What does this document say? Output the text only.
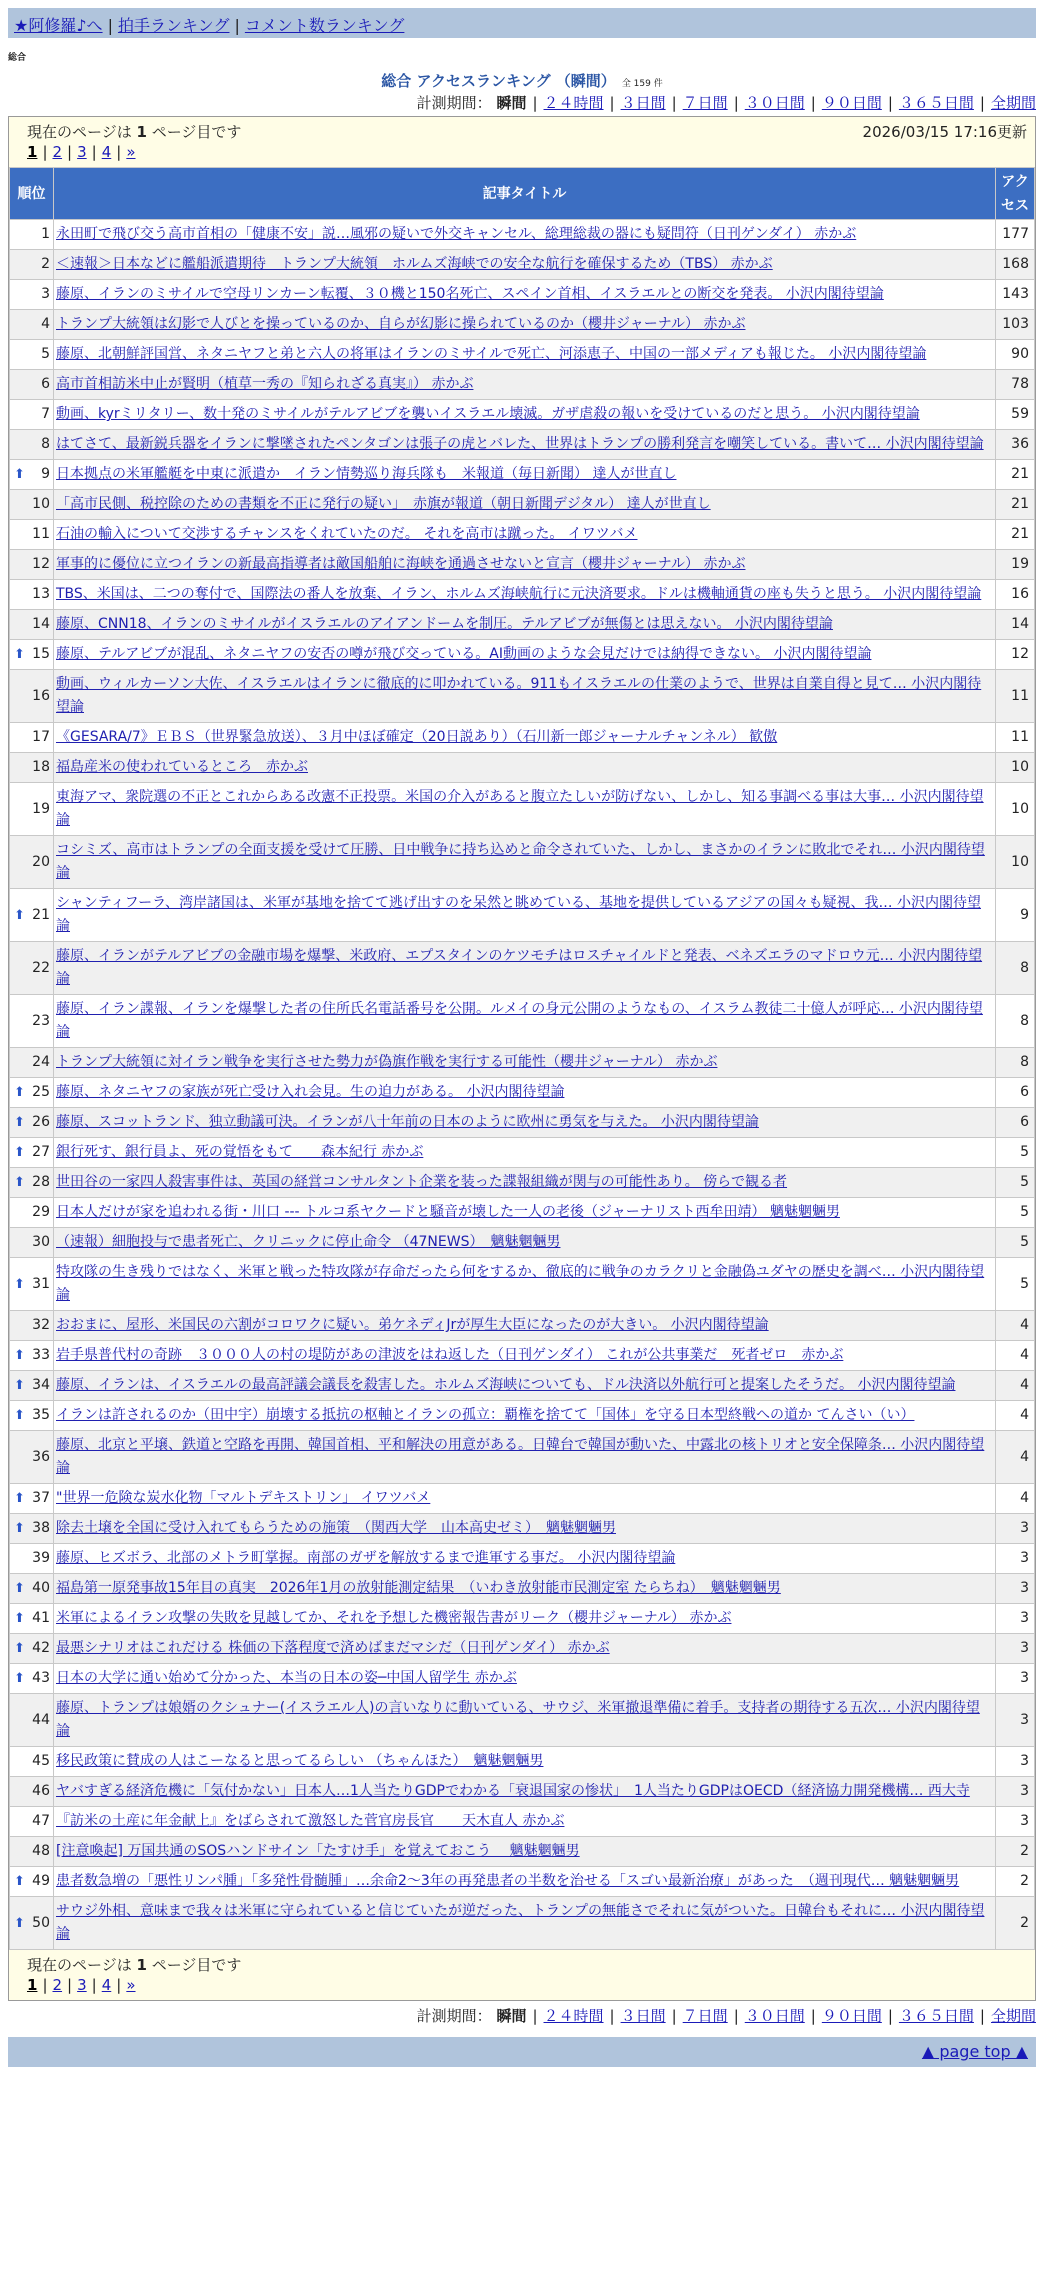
★阿修羅♪へ | 拍手ランキング | コメント数ランキング
総合
総合 アクセスランキング （瞬間） 全 159 件
計測期間： 瞬間 | ２４時間 | ３日間 | ７日間 | ３０日間 | ９０日間 | ３６５日間 | 全期間
現在のページは 1 ページ目です	2026/03/15 17:16更新
1 | 2 | 3 | 4 | »
順位	記事タイトル	アクセス
1	永田町で飛び交う高市首相の「健康不安」説…風邪の疑いで外交キャンセル、総理総裁の器にも疑問符（日刊ゲンダイ） 赤かぶ	177
2	＜速報＞日本などに艦船派遣期待　トランプ大統領　ホルムズ海峡での安全な航行を確保するため（TBS） 赤かぶ	168
3	藤原、イランのミサイルで空母リンカーン転覆、３０機と150名死亡、スペイン首相、イスラエルとの断交を発表。 小沢内閣待望論	143
4	トランプ大統領は幻影で人びとを操っているのか、自らが幻影に操られているのか（櫻井ジャーナル） 赤かぶ	103
5	藤原、北朝鮮評国営、ネタニヤフと弟と六人の将軍はイランのミサイルで死亡、河添恵子、中国の一部メディアも報じた。 小沢内閣待望論	90
6	高市首相訪米中止が賢明（植草一秀の『知られざる真実』） 赤かぶ	78
7	動画、kyrミリタリー、数十発のミサイルがテルアビブを襲いイスラエル壊滅。ガザ虐殺の報いを受けているのだと思う。 小沢内閣待望論	59
8	はてさて、最新鋭兵器をイランに撃墜されたペンタゴンは張子の虎とバレた、世界はトランプの勝利発言を嘲笑している。書いて… 小沢内閣待望論	36

⬆ 9	日本拠点の米軍艦艇を中東に派遣か　イラン情勢巡り海兵隊も　米報道（毎日新聞） 達人が世直し	21
10	「高市民側、税控除のための書類を不正に発行の疑い」　赤旗が報道（朝日新聞デジタル） 達人が世直し	21
11	石油の輸入について交渉するチャンスをくれていたのだ。 それを高市は蹴った。 イワツバメ	21
12	軍事的に優位に立つイランの新最高指導者は敵国船舶に海峡を通過させないと宣言（櫻井ジャーナル） 赤かぶ	19
13	TBS、米国は、二つの奪付で、国際法の番人を放棄、イラン、ホルムズ海峡航行に元決済要求。ドルは機軸通貨の座も失うと思う。 小沢内閣待望論	16
14	藤原、CNN18、イランのミサイルがイスラエルのアイアンドームを制圧。テルアビブが無傷とは思えない。 小沢内閣待望論	14

⬆ 15	藤原、テルアビブが混乱、ネタニヤフの安否の噂が飛び交っている。AI動画のような会見だけでは納得できない。 小沢内閣待望論	12
16	動画、ウィルカーソン大佐、イスラエルはイランに徹底的に叩かれている。911もイスラエルの仕業のようで、世界は自業自得と見て… 小沢内閣待望論	11
17	《GESARA/7》ＥＢＳ（世界緊急放送）、３月中ほぼ確定（20日説あり）（石川新一郎ジャーナルチャンネル） 歓傲	11
18	福島産米の使われているところ　赤かぶ	10
19	東海アマ、衆院選の不正とこれからある改憲不正投票。米国の介入があると腹立たしいが防げない、しかし、知る事調べる事は大事… 小沢内閣待望論	10
20	コシミズ、高市はトランプの全面支援を受けて圧勝、日中戦争に持ち込めと命令されていた、しかし、まさかのイランに敗北でそれ… 小沢内閣待望論	10

⬆ 21	シャンティフーラ、湾岸諸国は、米軍が基地を捨てて逃げ出すのを呆然と眺めている、基地を提供しているアジアの国々も疑視、我… 小沢内閣待望論	9
22	藤原、イランがテルアビブの金融市場を爆撃、米政府、エプスタインのケツモチはロスチャイルドと発表、ベネズエラのマドロウ元… 小沢内閣待望論	8
23	藤原、イラン諜報、イランを爆撃した者の住所氏名電話番号を公開。ルメイの身元公開のようなもの、イスラム教徒二十億人が呼応… 小沢内閣待望論	8
24	トランプ大統領に対イラン戦争を実行させた勢力が偽旗作戦を実行する可能性（櫻井ジャーナル） 赤かぶ	8

⬆ 25	藤原、ネタニヤフの家族が死亡受け入れ会見。生の迫力がある。 小沢内閣待望論	6

⬆ 26	藤原、スコットランド、独立動議可決。イランが八十年前の日本のように欧州に勇気を与えた。 小沢内閣待望論	6

⬆ 27	銀行死す、銀行員よ、死の覚悟をもて　　森本紀行 赤かぶ	5

⬆ 28	世田谷の一家四人殺害事件は、英国の経営コンサルタント企業を装った諜報組織が関与の可能性あり。 傍らで観る者	5
29	日本人だけが家を追われる街・川口 --- トルコ系ヤクードと騒音が壊した一人の老後（ジャーナリスト西牟田靖） 魑魅魍魎男	5
30	（速報）細胞投与で患者死亡、クリニックに停止命令 （47NEWS）　魑魅魍魎男	5

⬆ 31	特攻隊の生き残りではなく、米軍と戦った特攻隊が存命だったら何をするか、徹底的に戦争のカラクリと金融偽ユダヤの歴史を調べ… 小沢内閣待望論	5
32	おおまに、屋形、米国民の六割がコロワクに疑い。弟ケネディJrが厚生大臣になったのが大きい。 小沢内閣待望論	4

⬆ 33	岩手県普代村の奇跡　３０００人の村の堤防があの津波をはね返した（日刊ゲンダイ） これが公共事業だ　死者ゼロ　赤かぶ	4

⬆ 34	藤原、イランは、イスラエルの最高評議会議長を殺害した。ホルムズ海峡についても、ドル決済以外航行可と提案したそうだ。 小沢内閣待望論	4

⬆ 35	イランは許されるのか（田中宇）崩壊する抵抗の枢軸とイランの孤立：覇権を捨てて「国体」を守る日本型終戦への道か てんさい（い）	4
36	藤原、北京と平壌、鉄道と空路を再開、韓国首相、平和解決の用意がある。日韓台で韓国が動いた、中露北の核トリオと安全保障条… 小沢内閣待望論	4

⬆ 37	"世界一危険な炭水化物「マルトデキストリン」 イワツバメ	4

⬆ 38	除去土壌を全国に受け入れてもらうための施策　（関西大学　山本高史ゼミ）　魑魅魍魎男	3
39	藤原、ヒズボラ、北部のメトラ町掌握。南部のガザを解放するまで進軍する事だ。 小沢内閣待望論	3

⬆ 40	福島第一原発事故15年目の真実　2026年1月の放射能測定結果　（いわき放射能市民測定室 たらちね）　魑魅魍魎男	3

⬆ 41	米軍によるイラン攻撃の失敗を見越してか、それを予想した機密報告書がリーク（櫻井ジャーナル） 赤かぶ	3

⬆ 42	最悪シナリオはこれだける 株価の下落程度で済めばまだマシだ（日刊ゲンダイ） 赤かぶ	3

⬆ 43	日本の大学に通い始めて分かった、本当の日本の姿─中国人留学生 赤かぶ	3
44	藤原、トランプは娘婿のクシュナー(イスラエル人)の言いなりに動いている、サウジ、米軍撤退準備に着手。支持者の期待する五次… 小沢内閣待望論	3
45	移民政策に賛成の人はこーなると思ってるらしい （ちゃんほた）　魑魅魍魎男	3
46	ヤバすぎる経済危機に「気付かない」日本人…1人当たりGDPでわかる「衰退国家の惨状」　1人当たりGDPはOECD（経済協力開発機構… 西大寺	3
47	『訪米の土産に年金献上』をばらされて激怒した菅官房長官　　天木直人 赤かぶ	3
48	[注意喚起] 万国共通のSOSハンドサイン「たすけ手」を覚えておこう　 魑魅魍魎男	2

⬆ 49	患者数急増の「悪性リンパ腫」「多発性骨髄腫」…余命2～3年の再発患者の半数を治せる「スゴい最新治療」があった　（週刊現代… 魑魅魍魎男	2

⬆ 50	サウジ外相、意味まで我々は米軍に守られていると信じていたが逆だった、トランプの無能さでそれに気がついた。日韓台もそれに… 小沢内閣待望論	2
現在のページは 1 ページ目です
1 | 2 | 3 | 4 | »
計測期間： 瞬間 | ２４時間 | ３日間 | ７日間 | ３０日間 | ９０日間 | ３６５日間 | 全期間
▲ page top ▲
